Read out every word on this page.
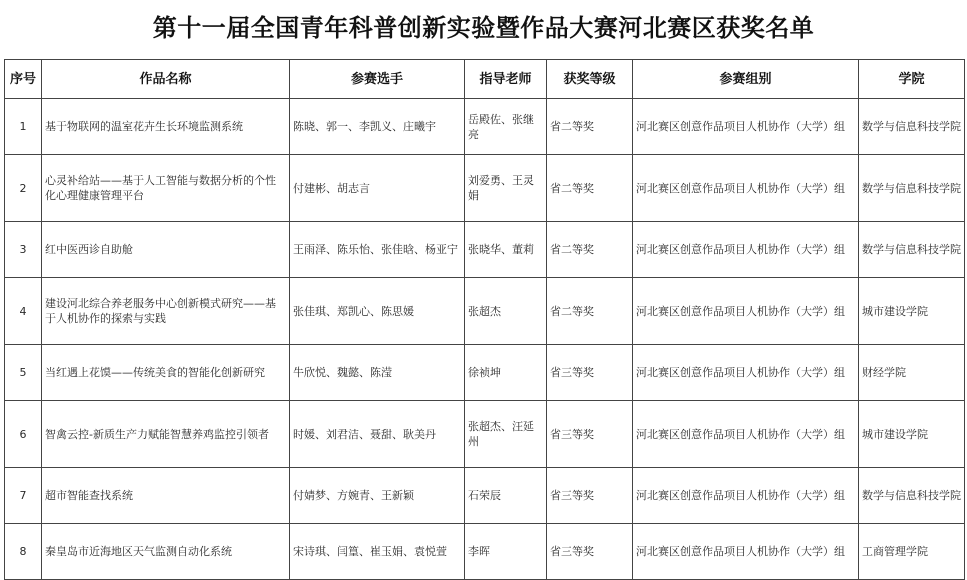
第十一届全国青年科普创新实验暨作品大赛河北赛区获奖名单
序号	作品名称	参赛选手	指导老师	获奖等级	参赛组别	学院
1	基于物联网的温室花卉生长环境监测系统	陈晓、郭一、李凯义、庄曦宇	岳殿佐、张继亮	省二等奖	河北赛区创意作品项目人机协作（大学）组	数学与信息科技学院
2	心灵补给站——基于人工智能与数据分析的个性化心理健康管理平台	付建彬、胡志言	刘爱勇、王灵娟	省二等奖	河北赛区创意作品项目人机协作（大学）组	数学与信息科技学院
3	红中医西诊自助舱	王雨泽、陈乐怡、张佳晗、杨亚宁	张晓华、董莉	省二等奖	河北赛区创意作品项目人机协作（大学）组	数学与信息科技学院
4	建设河北综合养老服务中心创新模式研究——基于人机协作的探索与实践	张佳琪、郑凯心、陈思媛	张超杰	省二等奖	河北赛区创意作品项目人机协作（大学）组	城市建设学院
5	当红遇上花馍——传统美食的智能化创新研究	牛欣悦、魏懿、陈滢	徐祯坤	省三等奖	河北赛区创意作品项目人机协作（大学）组	财经学院
6	智禽云控-新质生产力赋能智慧养鸡监控引领者	时媛、刘君洁、聂甜、耿美丹	张超杰、汪延州	省三等奖	河北赛区创意作品项目人机协作（大学）组	城市建设学院
7	超市智能查找系统	付婧梦、方婉青、王新颖	石荣辰	省三等奖	河北赛区创意作品项目人机协作（大学）组	数学与信息科技学院
8	秦皇岛市近海地区天气监测自动化系统	宋诗琪、闫篁、崔玉娟、袁悦萱	李晖	省三等奖	河北赛区创意作品项目人机协作（大学）组	工商管理学院
